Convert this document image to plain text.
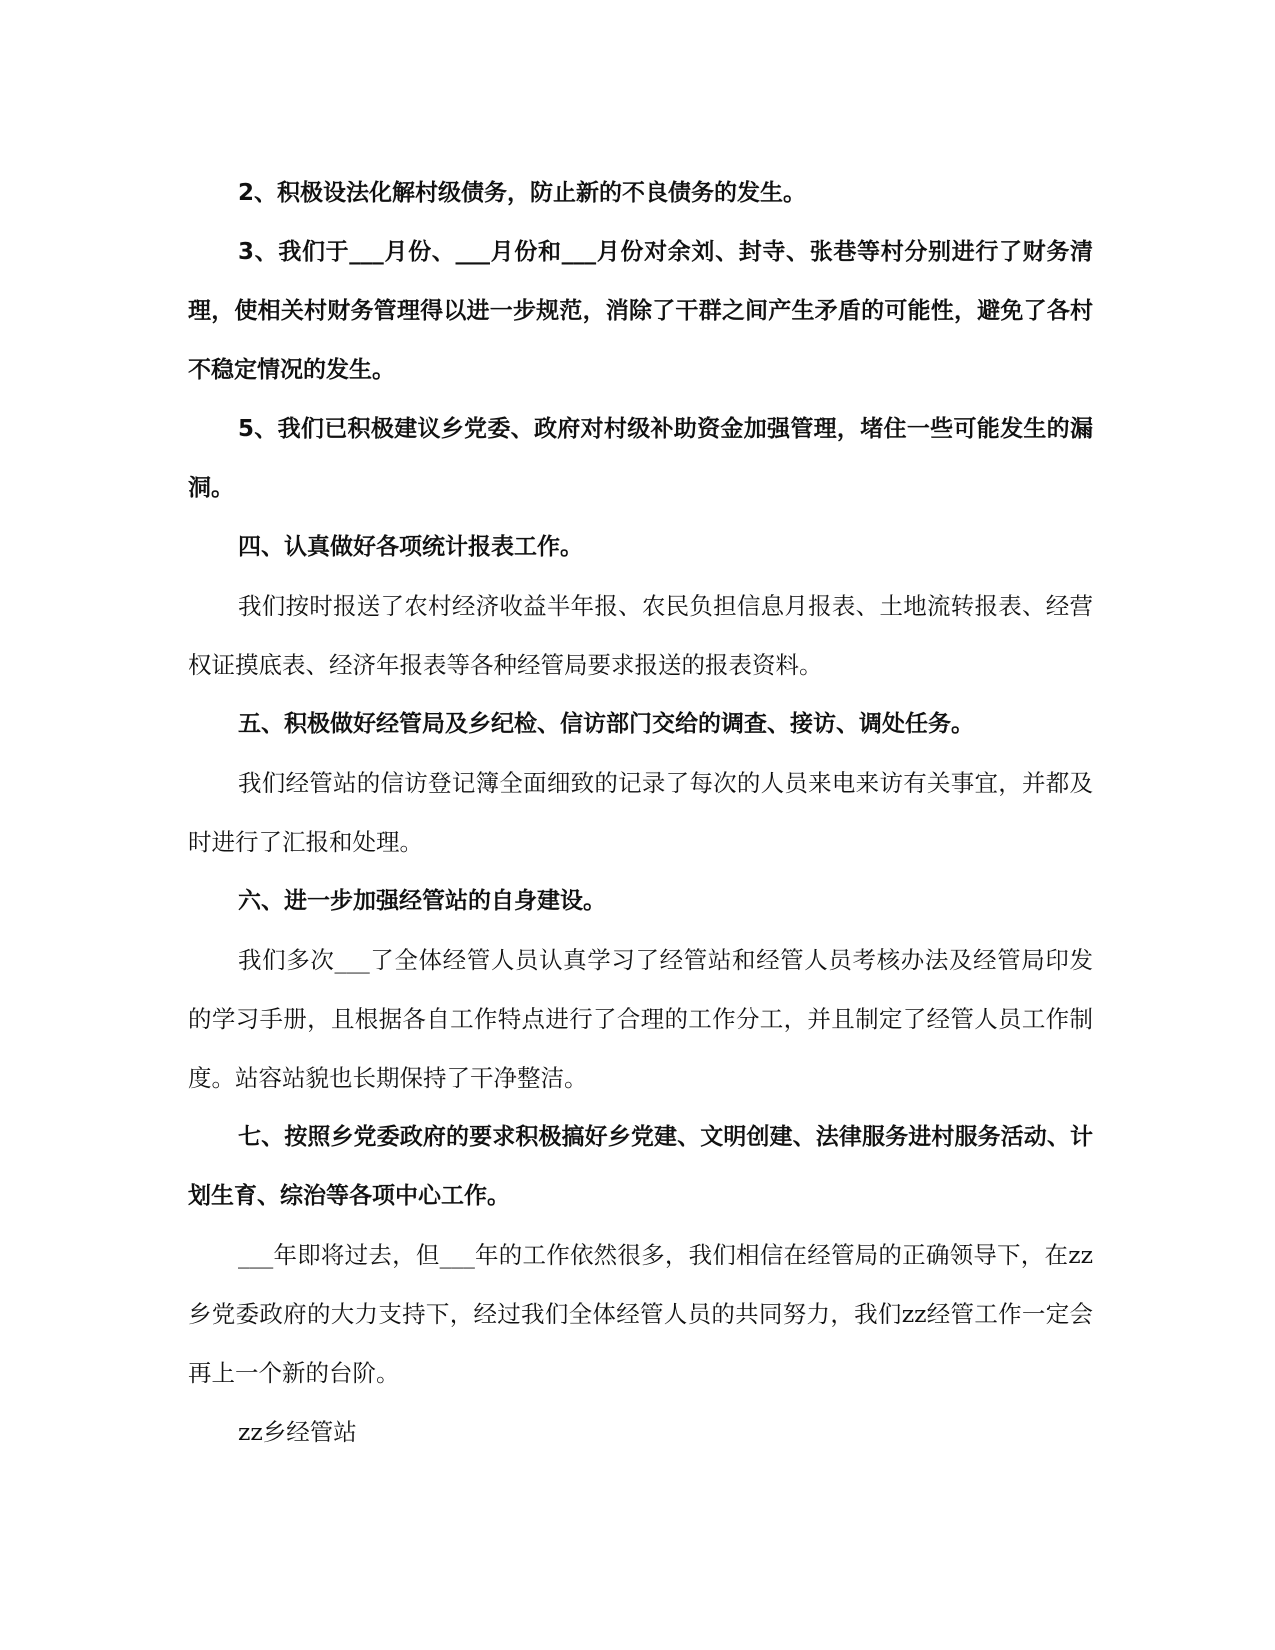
2、积极设法化解村级债务，防止新的不良债务的发生。

3、我们于___月份、___月份和___月份对余刘、封寺、张巷等村分别进行了财务清理，使相关村财务管理得以进一步规范，消除了干群之间产生矛盾的可能性，避免了各村不稳定情况的发生。

5、我们已积极建议乡党委、政府对村级补助资金加强管理，堵住一些可能发生的漏洞。

四、认真做好各项统计报表工作。

我们按时报送了农村经济收益半年报、农民负担信息月报表、土地流转报表、经营权证摸底表、经济年报表等各种经管局要求报送的报表资料。

五、积极做好经管局及乡纪检、信访部门交给的调查、接访、调处任务。

我们经管站的信访登记簿全面细致的记录了每次的人员来电来访有关事宜，并都及时进行了汇报和处理。

六、进一步加强经管站的自身建设。

我们多次___了全体经管人员认真学习了经管站和经管人员考核办法及经管局印发的学习手册，且根据各自工作特点进行了合理的工作分工，并且制定了经管人员工作制度。站容站貌也长期保持了干净整洁。

七、按照乡党委政府的要求积极搞好乡党建、文明创建、法律服务进村服务活动、计划生育、综治等各项中心工作。

___年即将过去，但___年的工作依然很多，我们相信在经管局的正确领导下，在zz乡党委政府的大力支持下，经过我们全体经管人员的共同努力，我们zz经管工作一定会再上一个新的台阶。

zz乡经管站
